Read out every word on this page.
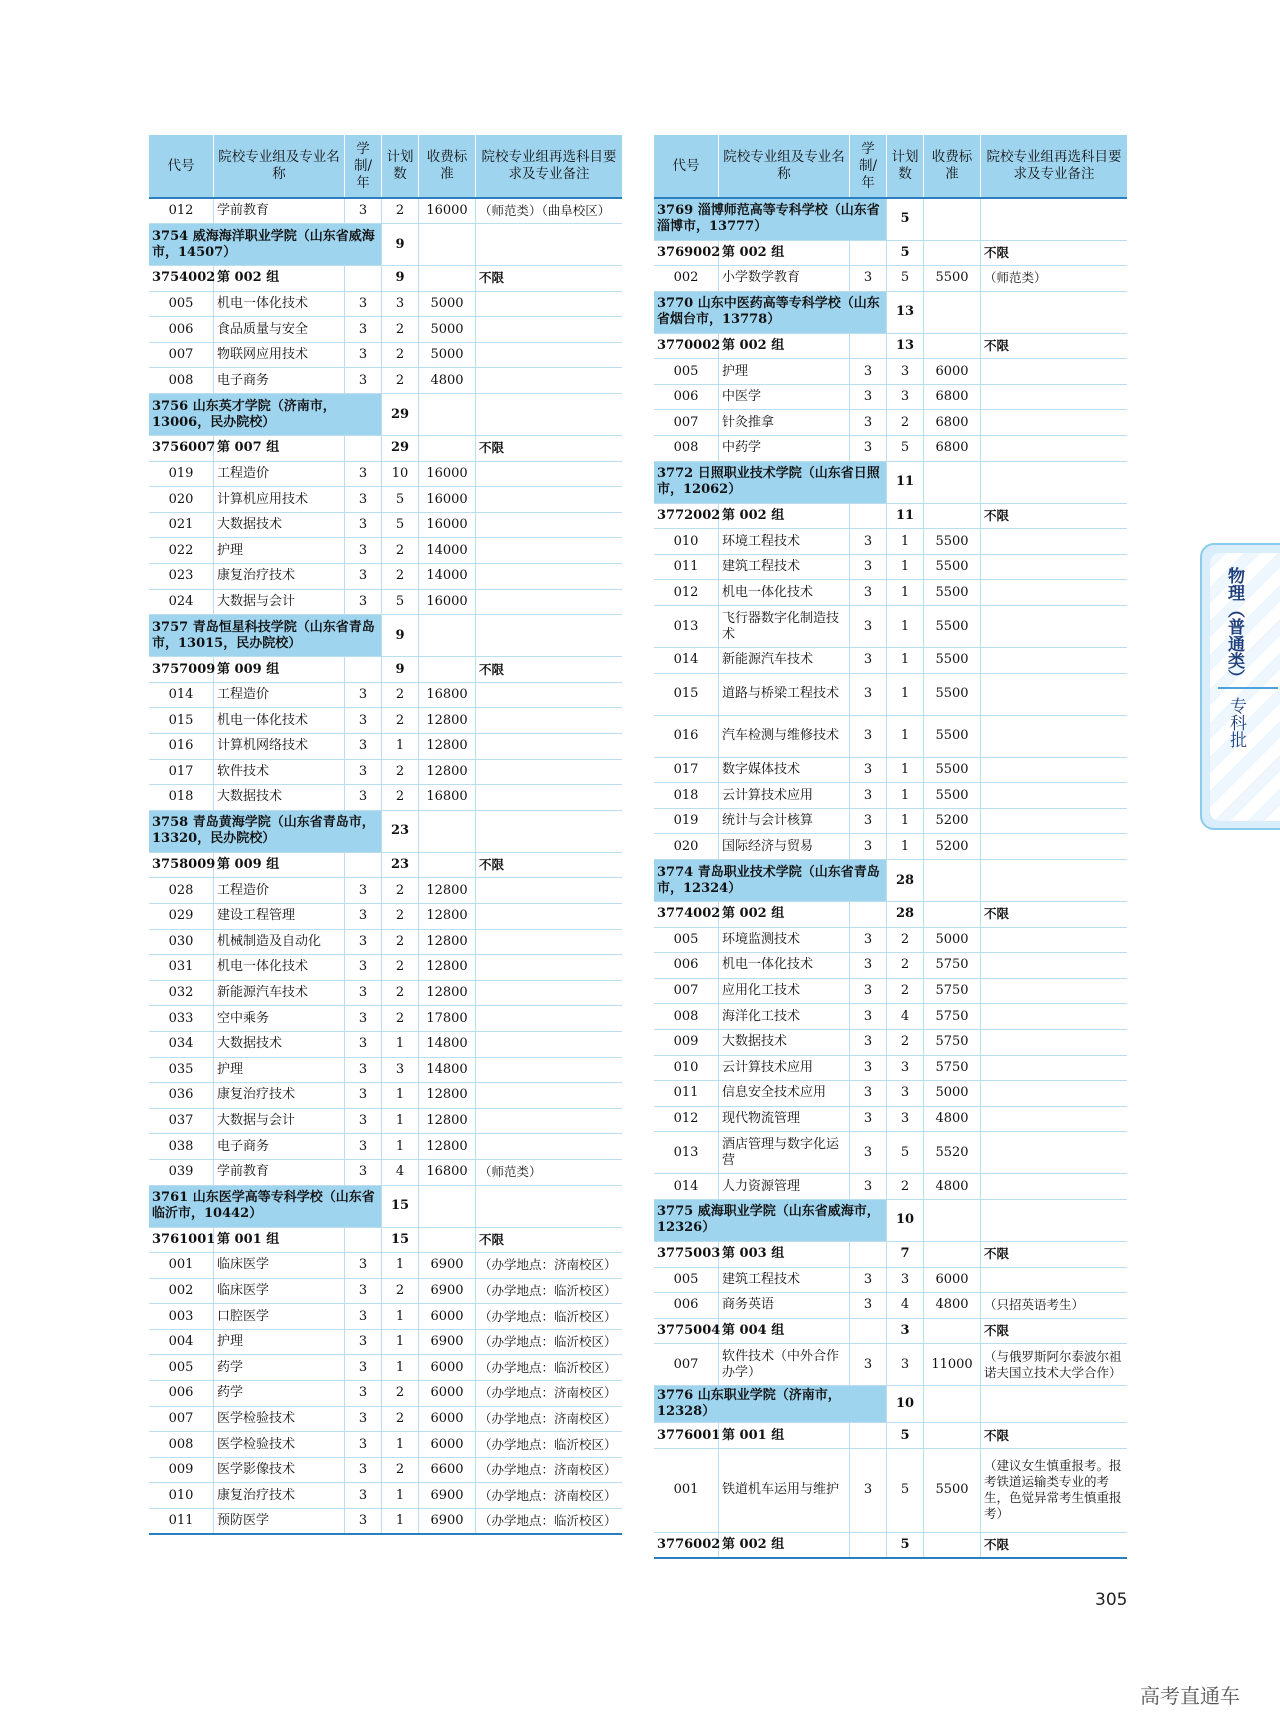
代号	院校专业组及专业名称	学制/年	计划数	收费标准	院校专业组再选科目要求及专业备注
012	学前教育	3	2	16000	（师范类）（曲阜校区）
3754 威海海洋职业学院（山东省威海市，14507）			9		
3754002	第 002 组		9		不限
005	机电一体化技术	3	3	5000	
006	食品质量与安全	3	2	5000	
007	物联网应用技术	3	2	5000	
008	电子商务	3	2	4800	
3756 山东英才学院（济南市，13006，民办院校）			29		
3756007	第 007 组		29		不限
019	工程造价	3	10	16000	
020	计算机应用技术	3	5	16000	
021	大数据技术	3	5	16000	
022	护理	3	2	14000	
023	康复治疗技术	3	2	14000	
024	大数据与会计	3	5	16000	
3757 青岛恒星科技学院（山东省青岛市，13015，民办院校）			9		
3757009	第 009 组		9		不限
014	工程造价	3	2	16800	
015	机电一体化技术	3	2	12800	
016	计算机网络技术	3	1	12800	
017	软件技术	3	2	12800	
018	大数据技术	3	2	16800	
3758 青岛黄海学院（山东省青岛市，13320，民办院校）			23		
3758009	第 009 组		23		不限
028	工程造价	3	2	12800	
029	建设工程管理	3	2	12800	
030	机械制造及自动化	3	2	12800	
031	机电一体化技术	3	2	12800	
032	新能源汽车技术	3	2	12800	
033	空中乘务	3	2	17800	
034	大数据技术	3	1	14800	
035	护理	3	3	14800	
036	康复治疗技术	3	1	12800	
037	大数据与会计	3	1	12800	
038	电子商务	3	1	12800	
039	学前教育	3	4	16800	（师范类）
3761 山东医学高等专科学校（山东省临沂市，10442）			15		
3761001	第 001 组		15		不限
001	临床医学	3	1	6900	（办学地点：济南校区）
002	临床医学	3	2	6900	（办学地点：临沂校区）
003	口腔医学	3	1	6000	（办学地点：临沂校区）
004	护理	3	1	6900	（办学地点：临沂校区）
005	药学	3	1	6000	（办学地点：临沂校区）
006	药学	3	2	6000	（办学地点：济南校区）
007	医学检验技术	3	2	6000	（办学地点：济南校区）
008	医学检验技术	3	1	6000	（办学地点：临沂校区）
009	医学影像技术	3	2	6600	（办学地点：济南校区）
010	康复治疗技术	3	1	6900	（办学地点：济南校区）
011	预防医学	3	1	6900	（办学地点：临沂校区）
代号	院校专业组及专业名称	学制/年	计划数	收费标准	院校专业组再选科目要求及专业备注
3769 淄博师范高等专科学校（山东省淄博市，13777）			5		
3769002	第 002 组		5		不限
002	小学数学教育	3	5	5500	（师范类）
3770 山东中医药高等专科学校（山东省烟台市，13778）			13		
3770002	第 002 组		13		不限
005	护理	3	3	6000	
006	中医学	3	3	6800	
007	针灸推拿	3	2	6800	
008	中药学	3	5	6800	
3772 日照职业技术学院（山东省日照市，12062）			11		
3772002	第 002 组		11		不限
010	环境工程技术	3	1	5500	
011	建筑工程技术	3	1	5500	
012	机电一体化技术	3	1	5500	
013	飞行器数字化制造技术	3	1	5500	
014	新能源汽车技术	3	1	5500	
015	道路与桥梁工程技术	3	1	5500	
016	汽车检测与维修技术	3	1	5500	
017	数字媒体技术	3	1	5500	
018	云计算技术应用	3	1	5500	
019	统计与会计核算	3	1	5200	
020	国际经济与贸易	3	1	5200	
3774 青岛职业技术学院（山东省青岛市，12324）			28		
3774002	第 002 组		28		不限
005	环境监测技术	3	2	5000	
006	机电一体化技术	3	2	5750	
007	应用化工技术	3	2	5750	
008	海洋化工技术	3	4	5750	
009	大数据技术	3	2	5750	
010	云计算技术应用	3	3	5750	
011	信息安全技术应用	3	3	5000	
012	现代物流管理	3	3	4800	
013	酒店管理与数字化运营	3	5	5520	
014	人力资源管理	3	2	4800	
3775 威海职业学院（山东省威海市，12326）			10		
3775003	第 003 组		7		不限
005	建筑工程技术	3	3	6000	
006	商务英语	3	4	4800	（只招英语考生）
3775004	第 004 组		3		不限
007	软件技术（中外合作办学）	3	3	11000	（与俄罗斯阿尔泰波尔祖诺夫国立技术大学合作）
3776 山东职业学院（济南市，12328）			10		
3776001	第 001 组		5		不限
001	铁道机车运用与维护	3	5	5500	（建议女生慎重报考。报考铁道运输类专业的考生，色觉异常考生慎重报考）
3776002	第 002 组		5		不限
物理（普通类）
专科批
305
高考直通车
